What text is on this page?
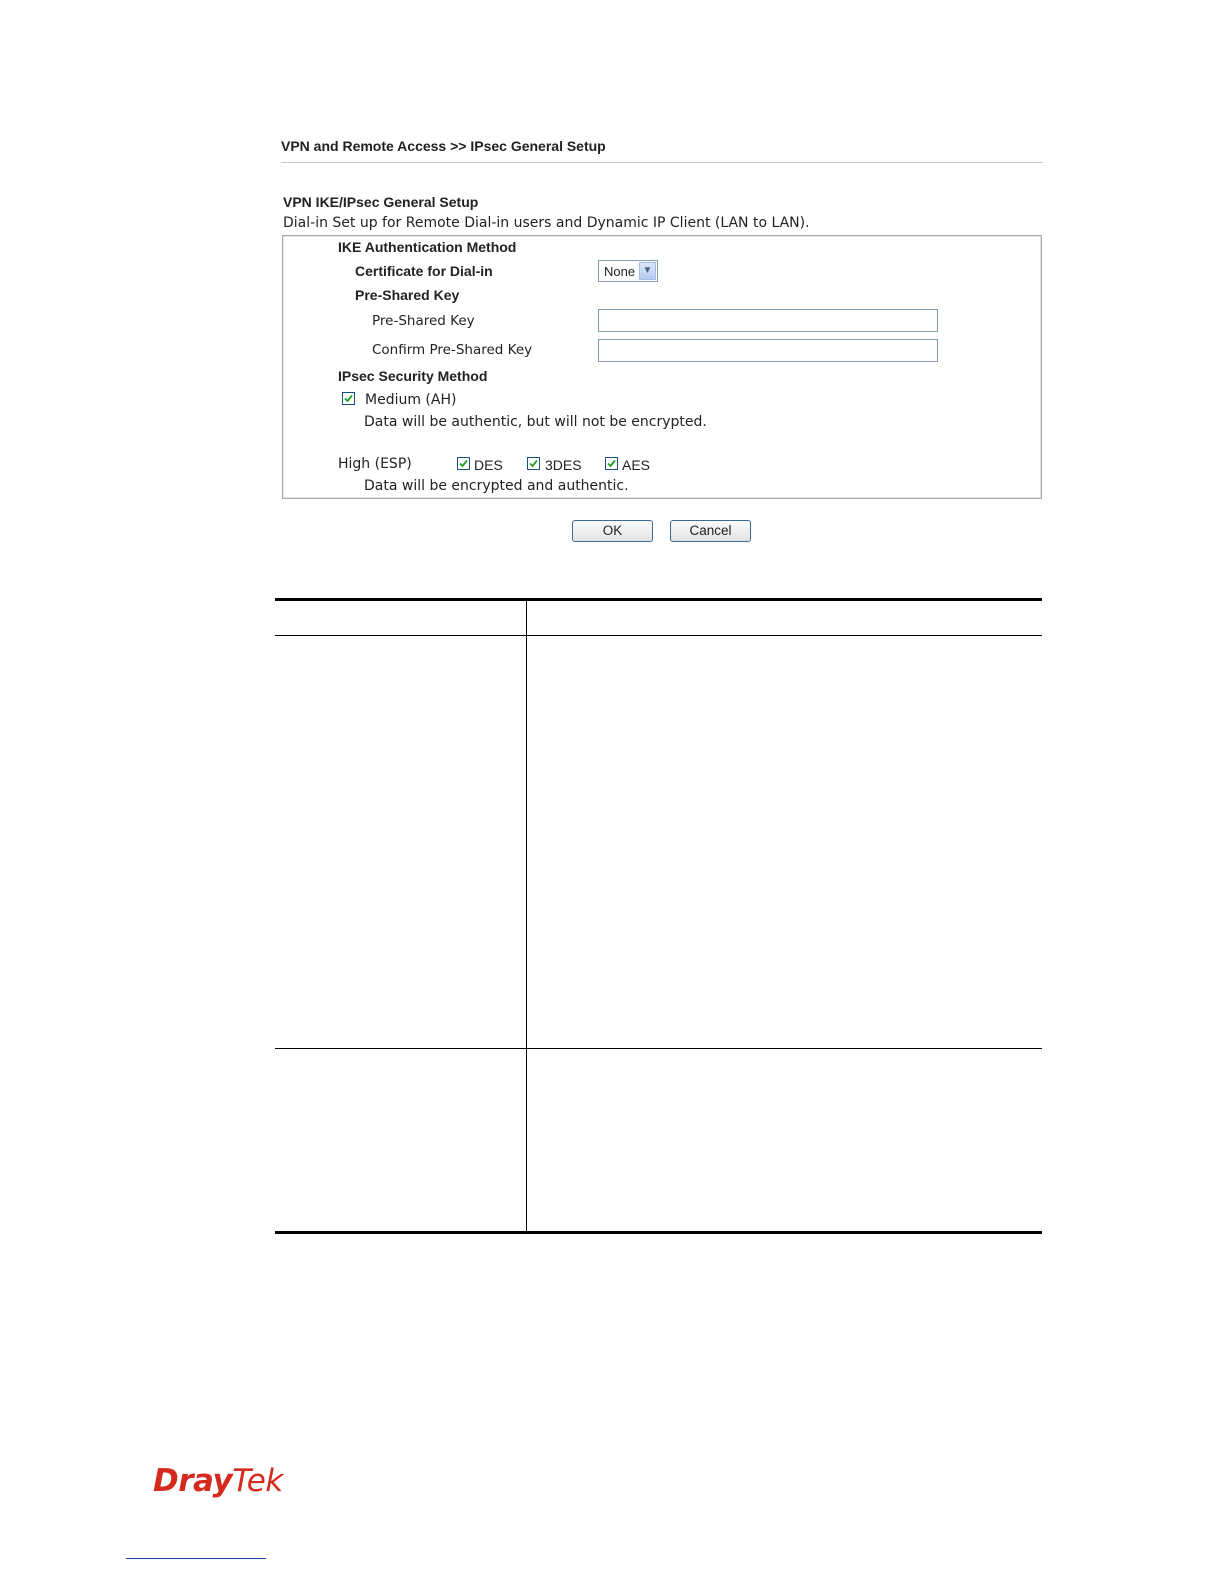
VPN and Remote Access >> IPsec General Setup
VPN IKE/IPsec General Setup
Dial-in Set up for Remote Dial-in users and Dynamic IP Client (LAN to LAN).
IKE Authentication Method
Certificate for Dial-in	None ▼
Pre-Shared Key
Pre-Shared Key
Confirm Pre-Shared Key
IPsec Security Method
Medium (AH)
Data will be authentic, but will not be encrypted.
High (ESP)	DES	3DES	AES
Data will be encrypted and authentic.
OK	Cancel
DrayTek
